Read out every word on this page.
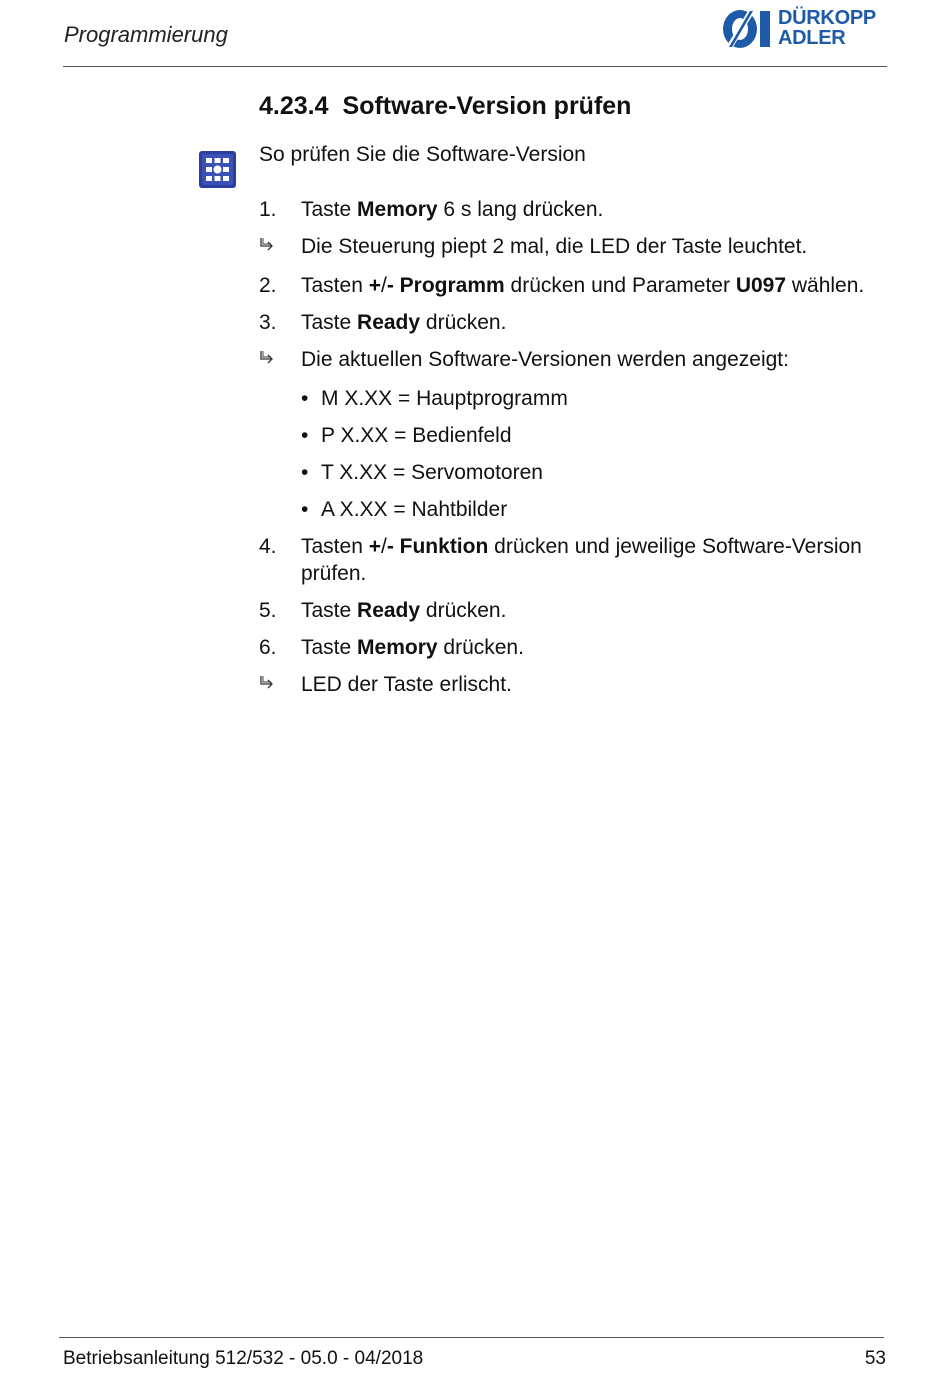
Programmierung
DÜRKOPP
ADLER
4.23.4 Software-Version prüfen
So prüfen Sie die Software-Version
1.	Taste Memory 6 s lang drücken.
Die Steuerung piept 2 mal, die LED der Taste leuchtet.
2.	Tasten +/- Programm drücken und Parameter U097 wählen.
3.	Taste Ready drücken.
Die aktuellen Software-Versionen werden angezeigt:
• M X.XX = Hauptprogramm
• P X.XX = Bedienfeld
• T X.XX = Servomotoren
• A X.XX = Nahtbilder
4.	Tasten +/- Funktion drücken und jeweilige Software-Version prüfen.
5.	Taste Ready drücken.
6.	Taste Memory drücken.
LED der Taste erlischt.
Betriebsanleitung 512/532 - 05.0 - 04/2018	53
